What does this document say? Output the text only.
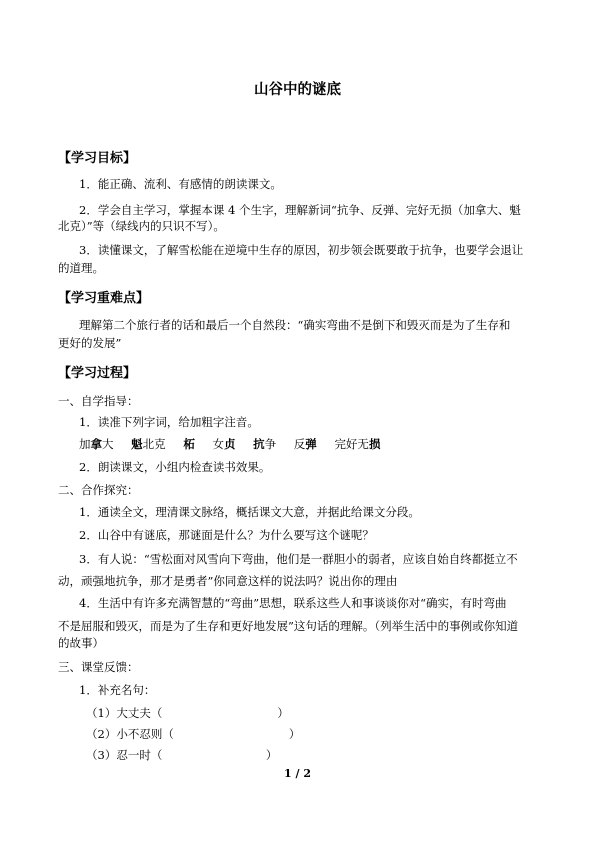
山谷中的谜底
【学习目标】
1．能正确、流利、有感情的朗读课文。
2．学会自主学习，掌握本课 4 个生字，理解新词“抗争、反弹、完好无损（加拿大、魁
北克）”等（绿线内的只识不写）。
3．读懂课文，了解雪松能在逆境中生存的原因，初步领会既要敢于抗争，也要学会退让
的道理。
【学习重难点】
理解第二个旅行者的话和最后一个自然段：“确实弯曲不是倒下和毁灭而是为了生存和
更好的发展”
【学习过程】
一、自学指导：
1．读准下列字词，给加粗字注音。
加拿大 魁北克 柘 女贞 抗争 反弹 完好无损
2．朗读课文，小组内检查读书效果。
二、合作探究：
1．通读全文，理清课文脉络，概括课文大意，并据此给课文分段。
2．山谷中有谜底，那谜面是什么？为什么要写这个谜呢？
3．有人说：“雪松面对风雪向下弯曲，他们是一群胆小的弱者，应该自始自终都挺立不
动，顽强地抗争，那才是勇者”你同意这样的说法吗？说出你的理由
4．生活中有许多充满智慧的“弯曲”思想，联系这些人和事谈谈你对“确实，有时弯曲
不是屈服和毁灭，而是为了生存和更好地发展”这句话的理解。（列举生活中的事例或你知道
的故事）
三、课堂反馈：
1．补充名句：
（1）大丈夫（　　　　　　　　　　）
（2）小不忍则（　　　　　　　　　　）
（3）忍一时（　　　　　　　　　）
1 / 2
